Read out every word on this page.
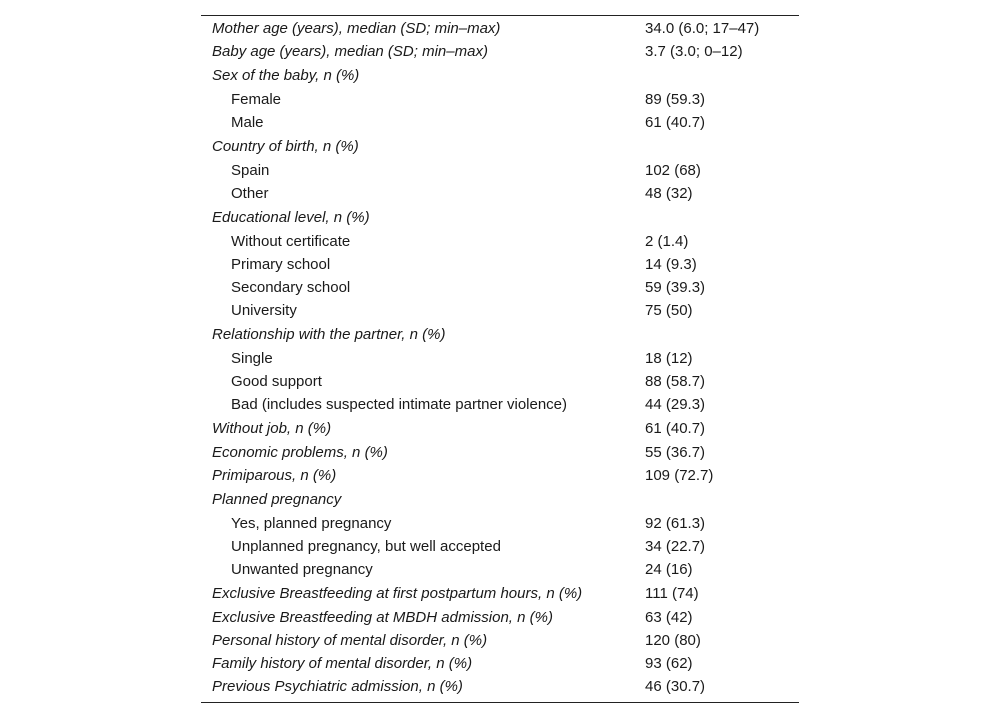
Mother age (years), median (SD; min–max)	34.0 (6.0; 17–47)
Baby age (years), median (SD; min–max)	3.7 (3.0; 0–12)
Sex of the baby, n (%)
Female	89 (59.3)
Male	61 (40.7)
Country of birth, n (%)
Spain	102 (68)
Other	48 (32)
Educational level, n (%)
Without certificate	2 (1.4)
Primary school	14 (9.3)
Secondary school	59 (39.3)
University	75 (50)
Relationship with the partner, n (%)
Single	18 (12)
Good support	88 (58.7)
Bad (includes suspected intimate partner violence)	44 (29.3)
Without job, n (%)	61 (40.7)
Economic problems, n (%)	55 (36.7)
Primiparous, n (%)	109 (72.7)
Planned pregnancy
Yes, planned pregnancy	92 (61.3)
Unplanned pregnancy, but well accepted	34 (22.7)
Unwanted pregnancy	24 (16)
Exclusive Breastfeeding at first postpartum hours, n (%)	111 (74)
Exclusive Breastfeeding at MBDH admission, n (%)	63 (42)
Personal history of mental disorder, n (%)	120 (80)
Family history of mental disorder, n (%)	93 (62)
Previous Psychiatric admission, n (%)	46 (30.7)
